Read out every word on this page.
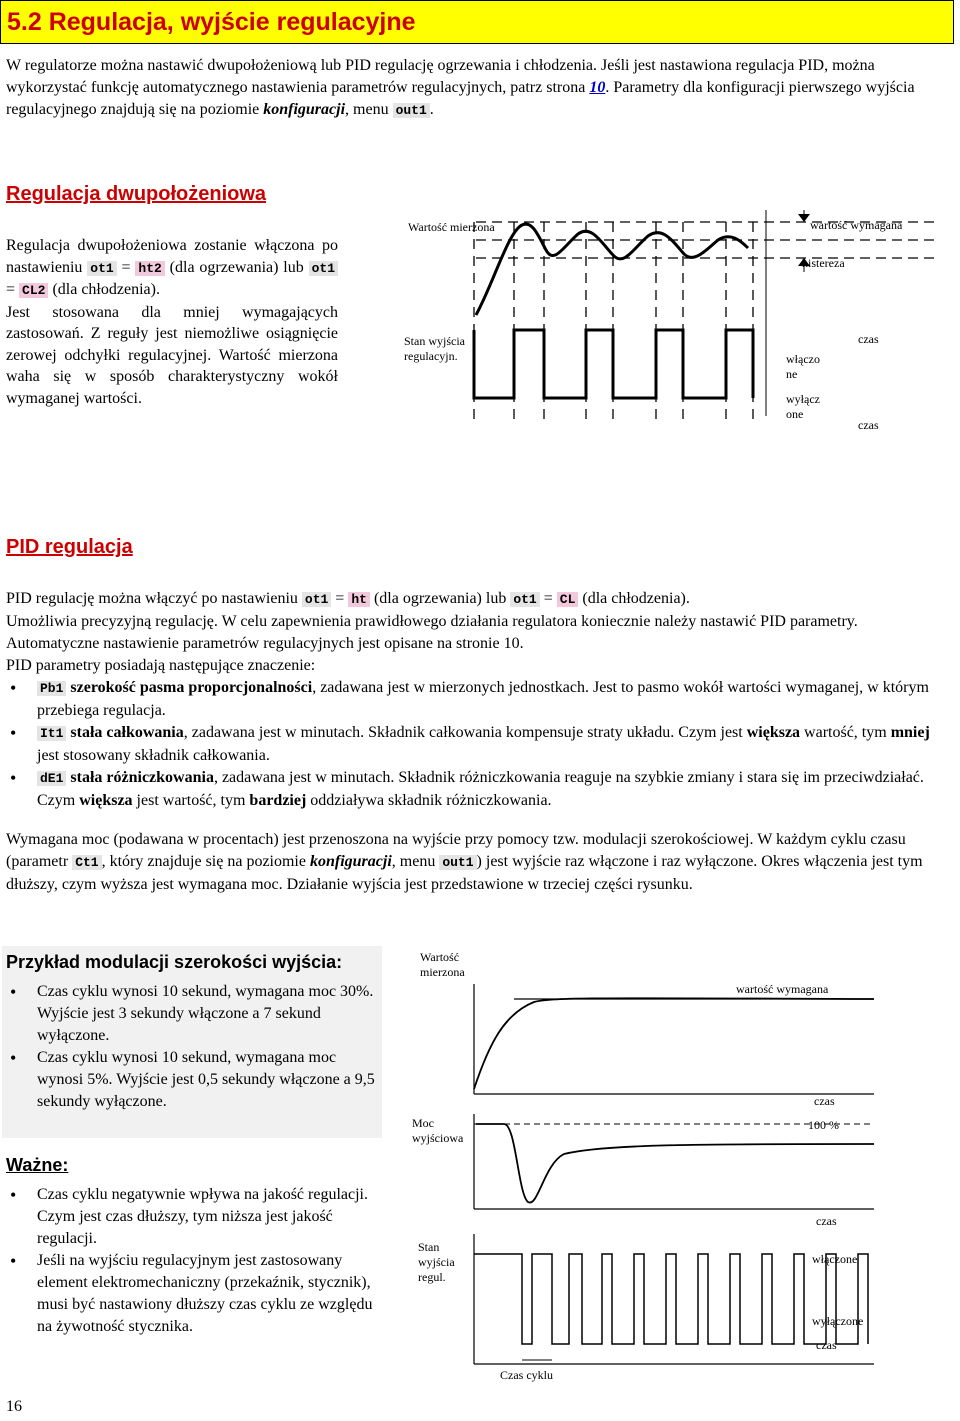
5.2 Regulacja, wyjście regulacyjne
W regulatorze można nastawić dwupołożeniową lub PID regulację ogrzewania i chłodzenia. Jeśli jest nastawiona regulacja PID, można wykorzystać funkcję automatycznego nastawienia parametrów regulacyjnych, patrz strona 10. Parametry dla konfiguracji pierwszego wyjścia regulacyjnego znajdują się na poziomie konfiguracji, menu out1 .

Regulacja dwupołożeniowa

Regulacja dwupołożeniowa zostanie włączona po nastawieniu ot1 = ht2 (dla ogrzewania) lub ot1 = CL2 (dla chłodzenia).
Jest stosowana dla mniej wymagających zastosowań. Z reguły jest niemożliwe osiągnięcie zerowej odchyłki regulacyjnej. Wartość mierzona waha się w sposób charakterystyczny wokół wymaganej wartości.
Wartość mierzona	wartość wymagana
histereza
czas
Stan wyjścia regulacyjn.	włączo ne
wyłącz one
czas

PID regulacja

PID regulację można włączyć po nastawieniu ot1 = ht (dla ogrzewania) lub ot1 = CL (dla chłodzenia).
Umożliwia precyzyjną regulację. W celu zapewnienia prawidłowego działania regulatora koniecznie należy nastawić PID parametry. Automatyczne nastawienie parametrów regulacyjnych jest opisane na stronie 10.
PID parametry posiadają następujące znaczenie:
• Pb1 szerokość pasma proporcjonalności, zadawana jest w mierzonych jednostkach. Jest to pasmo wokół wartości wymaganej, w którym przebiega regulacja.
• It1 stała całkowania, zadawana jest w minutach. Składnik całkowania kompensuje straty układu. Czym jest większa wartość, tym mniej jest stosowany składnik całkowania.
• dE1 stała różniczkowania, zadawana jest w minutach. Składnik różniczkowania reaguje na szybkie zmiany i stara się im przeciwdziałać. Czym większa jest wartość, tym bardziej oddziaływa składnik różniczkowania.
Wymagana moc (podawana w procentach) jest przenoszona na wyjście przy pomocy tzw. modulacji szerokościowej. W każdym cyklu czasu (parametr Ct1 , który znajduje się na poziomie konfiguracji, menu out1 ) jest wyjście raz włączone i raz wyłączone. Okres włączenia jest tym dłuższy, czym wyższa jest wymagana moc. Działanie wyjścia jest przedstawione w trzeciej części rysunku.
Przykład modulacji szerokości wyjścia:
• Czas cyklu wynosi 10 sekund, wymagana moc 30%. Wyjście jest 3 sekundy włączone a 7 sekund wyłączone.
• Czas cyklu wynosi 10 sekund, wymagana moc wynosi 5%. Wyjście jest 0,5 sekundy włączone a 9,5 sekundy wyłączone.
Ważne:
• Czas cyklu negatywnie wpływa na jakość regulacji. Czym jest czas dłuższy, tym niższa jest jakość regulacji.
• Jeśli na wyjściu regulacyjnym jest zastosowany element elektromechaniczny (przekaźnik, stycznik), musi być nastawiony dłuższy czas cyklu ze względu na żywotność stycznika.
Wartość mierzona
wartość wymagana
czas
Moc wyjściowa
100 %
czas
Stan wyjścia regul.
włączone
wyłączone
czas
Czas cyklu
16
